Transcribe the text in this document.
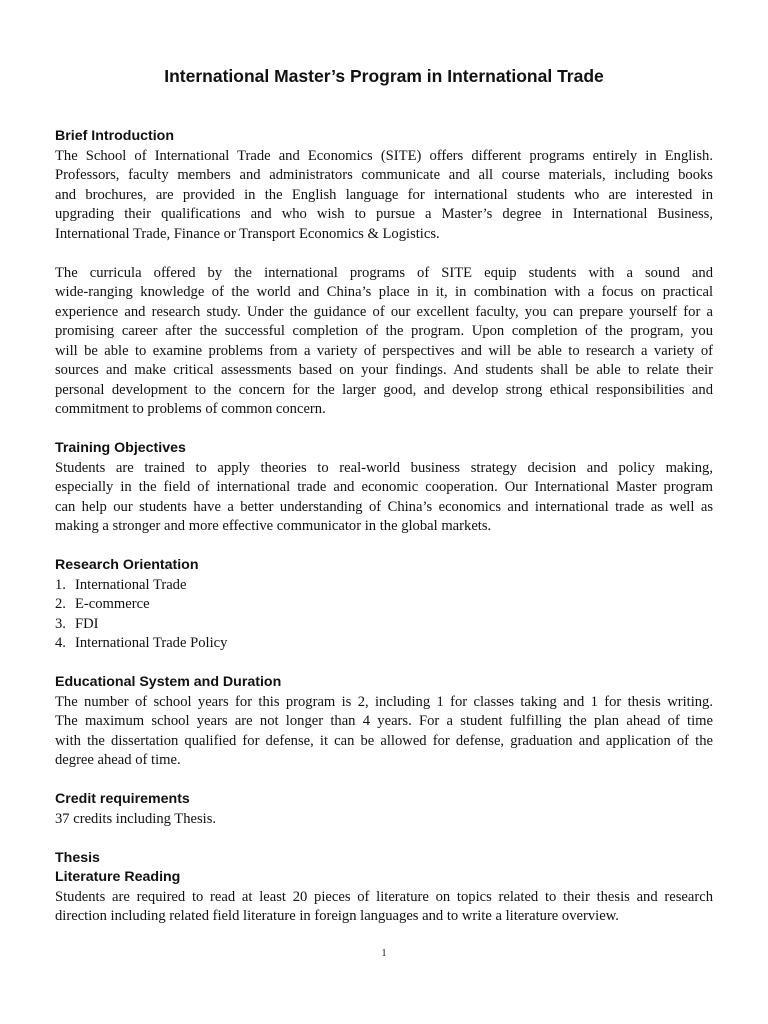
International Master’s Program in International Trade
Brief Introduction
The School of International Trade and Economics (SITE) offers different programs entirely in English.
Professors, faculty members and administrators communicate and all course materials, including books
and brochures, are provided in the English language for international students who are interested in
upgrading their qualifications and who wish to pursue a Master’s degree in International Business,
International Trade, Finance or Transport Economics & Logistics.
The curricula offered by the international programs of SITE equip students with a sound and
wide-ranging knowledge of the world and China’s place in it, in combination with a focus on practical
experience and research study. Under the guidance of our excellent faculty, you can prepare yourself for a
promising career after the successful completion of the program. Upon completion of the program, you
will be able to examine problems from a variety of perspectives and will be able to research a variety of
sources and make critical assessments based on your findings. And students shall be able to relate their
personal development to the concern for the larger good, and develop strong ethical responsibilities and
commitment to problems of common concern.
Training Objectives
Students are trained to apply theories to real-world business strategy decision and policy making,
especially in the field of international trade and economic cooperation. Our International Master program
can help our students have a better understanding of China’s economics and international trade as well as
making a stronger and more effective communicator in the global markets.
Research Orientation
1. International Trade
2. E-commerce
3. FDI
4. International Trade Policy
Educational System and Duration
The number of school years for this program is 2, including 1 for classes taking and 1 for thesis writing.
The maximum school years are not longer than 4 years. For a student fulfilling the plan ahead of time
with the dissertation qualified for defense, it can be allowed for defense, graduation and application of the
degree ahead of time.
Credit requirements
37 credits including Thesis.
Thesis
Literature Reading
Students are required to read at least 20 pieces of literature on topics related to their thesis and research
direction including related field literature in foreign languages and to write a literature overview.
1
